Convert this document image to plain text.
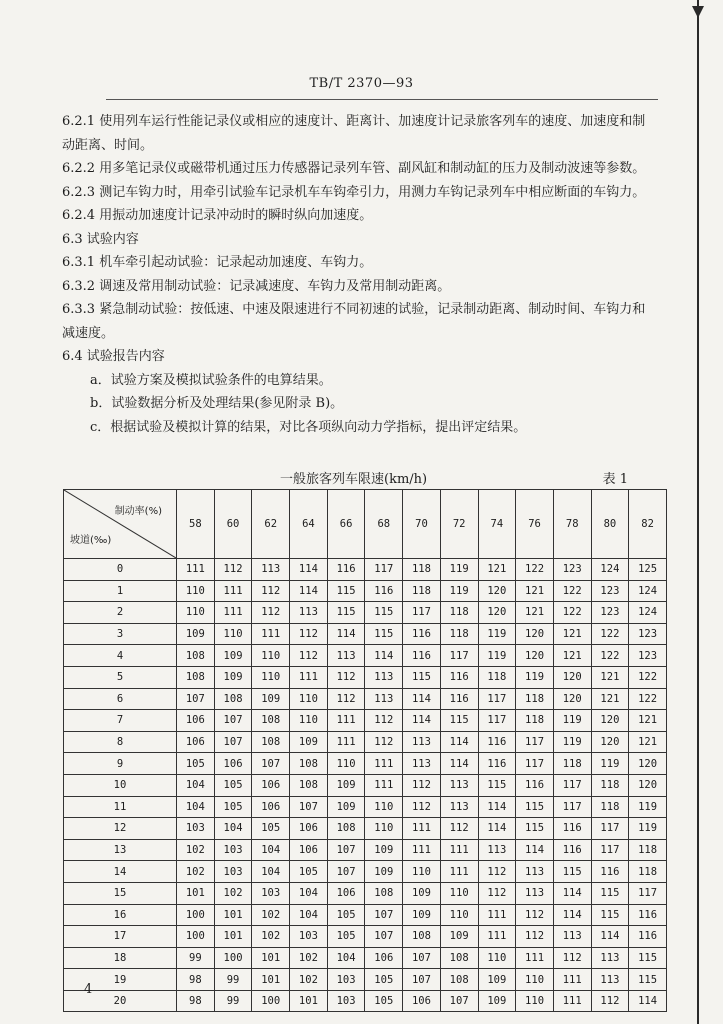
TB/T 2370—93

6.2.1 使用列车运行性能记录仪或相应的速度计、距离计、加速度计记录旅客列车的速度、加速度和制动距离、时间。

6.2.2 用多笔记录仪或磁带机通过压力传感器记录列车管、副风缸和制动缸的压力及制动波速等参数。

6.2.3 测记车钩力时，用牵引试验车记录机车车钩牵引力，用测力车钩记录列车中相应断面的车钩力。

6.2.4 用振动加速度计记录冲动时的瞬时纵向加速度。

6.3 试验内容

6.3.1 机车牵引起动试验：记录起动加速度、车钩力。

6.3.2 调速及常用制动试验：记录减速度、车钩力及常用制动距离。

6.3.3 紧急制动试验：按低速、中速及限速进行不同初速的试验，记录制动距离、制动时间、车钩力和减速度。

6.4 试验报告内容

a．试验方案及模拟试验条件的电算结果。

b．试验数据分析及处理结果(参见附录 B)。

c．根据试验及模拟计算的结果，对比各项纵向动力学指标，提出评定结果。

一般旅客列车限速(km/h)	表 1
制动率(%)
坡道(‰)	58	60	62	64	66	68	70	72	74	76	78	80	82
0	111	112	113	114	116	117	118	119	121	122	123	124	125
1	110	111	112	114	115	116	118	119	120	121	122	123	124
2	110	111	112	113	115	115	117	118	120	121	122	123	124
3	109	110	111	112	114	115	116	118	119	120	121	122	123
4	108	109	110	112	113	114	116	117	119	120	121	122	123
5	108	109	110	111	112	113	115	116	118	119	120	121	122
6	107	108	109	110	112	113	114	116	117	118	120	121	122
7	106	107	108	110	111	112	114	115	117	118	119	120	121
8	106	107	108	109	111	112	113	114	116	117	119	120	121
9	105	106	107	108	110	111	113	114	116	117	118	119	120
10	104	105	106	108	109	111	112	113	115	116	117	118	120
11	104	105	106	107	109	110	112	113	114	115	117	118	119
12	103	104	105	106	108	110	111	112	114	115	116	117	119
13	102	103	104	106	107	109	111	111	113	114	116	117	118
14	102	103	104	105	107	109	110	111	112	113	115	116	118
15	101	102	103	104	106	108	109	110	112	113	114	115	117
16	100	101	102	104	105	107	109	110	111	112	114	115	116
17	100	101	102	103	105	107	108	109	111	112	113	114	116
18	99	100	101	102	104	106	107	108	110	111	112	113	115
19	98	99	101	102	103	105	107	108	109	110	111	113	115
20	98	99	100	101	103	105	106	107	109	110	111	112	114
4
